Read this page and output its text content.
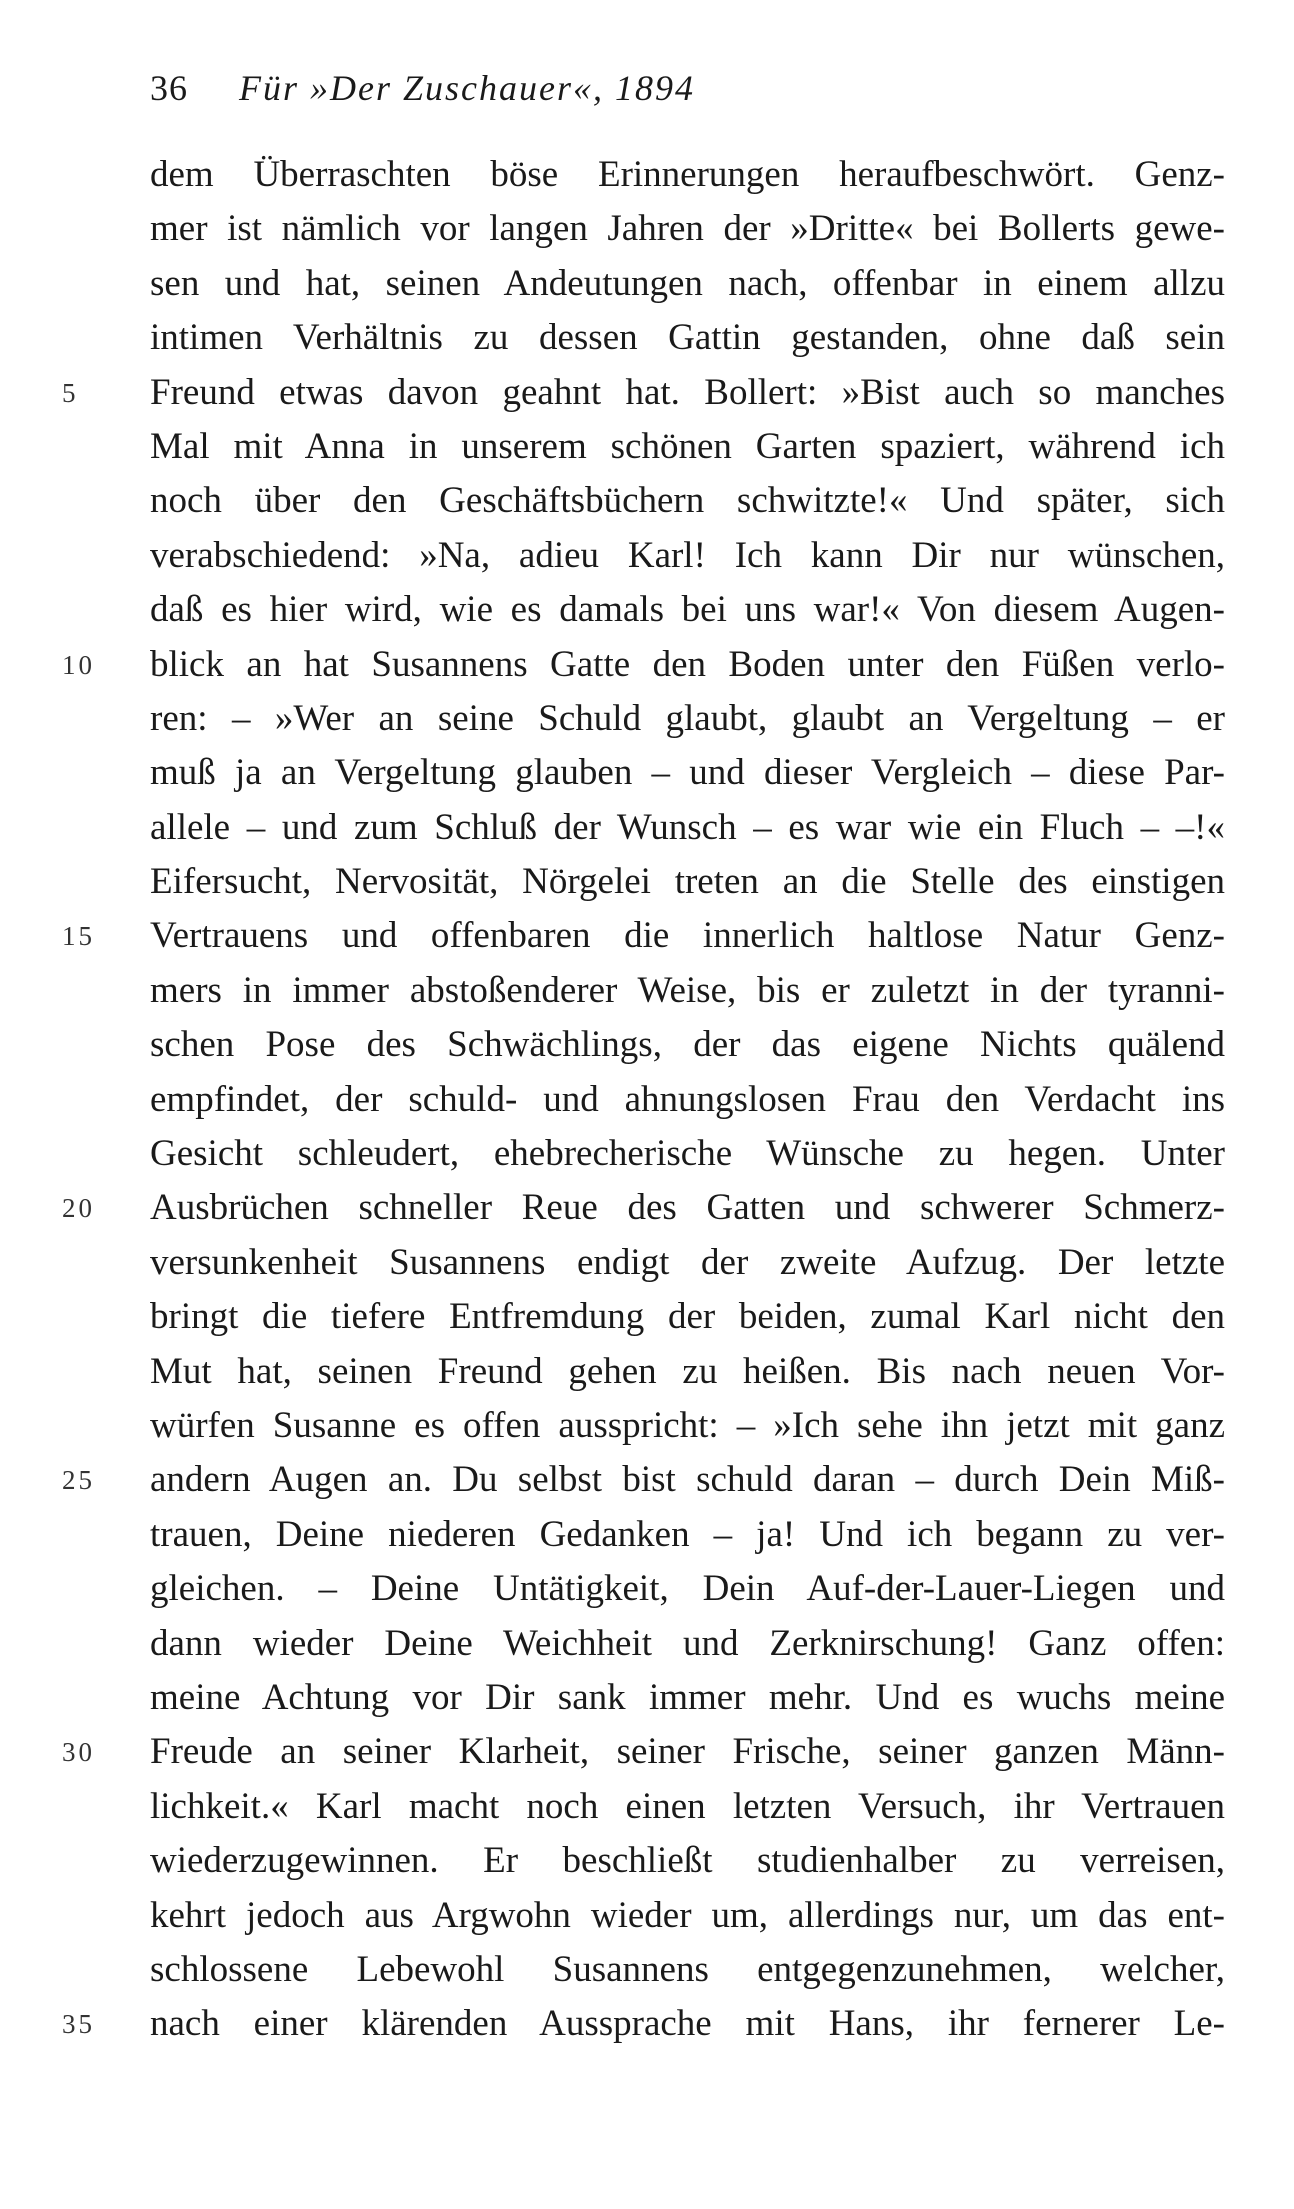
36 Für »Der Zuschauer«, 1894
dem Überraschten böse Erinnerungen heraufbeschwört. Genz-
mer ist nämlich vor langen Jahren der »Dritte« bei Bollerts gewe-
sen und hat, seinen Andeutungen nach, offenbar in einem allzu
intimen Verhältnis zu dessen Gattin gestanden, ohne daß sein
5	Freund etwas davon geahnt hat. Bollert: »Bist auch so manches
Mal mit Anna in unserem schönen Garten spaziert, während ich
noch über den Geschäftsbüchern schwitzte!« Und später, sich
verabschiedend: »Na, adieu Karl! Ich kann Dir nur wünschen,
daß es hier wird, wie es damals bei uns war!« Von diesem Augen-
10	blick an hat Susannens Gatte den Boden unter den Füßen verlo-
ren: – »Wer an seine Schuld glaubt, glaubt an Vergeltung – er
muß ja an Vergeltung glauben – und dieser Vergleich – diese Par-
allele – und zum Schluß der Wunsch – es war wie ein Fluch – –!«
Eifersucht, Nervosität, Nörgelei treten an die Stelle des einstigen
15	Vertrauens und offenbaren die innerlich haltlose Natur Genz-
mers in immer abstoßenderer Weise, bis er zuletzt in der tyranni-
schen Pose des Schwächlings, der das eigene Nichts quälend
empfindet, der schuld- und ahnungslosen Frau den Verdacht ins
Gesicht schleudert, ehebrecherische Wünsche zu hegen. Unter
20	Ausbrüchen schneller Reue des Gatten und schwerer Schmerz-
versunkenheit Susannens endigt der zweite Aufzug. Der letzte
bringt die tiefere Entfremdung der beiden, zumal Karl nicht den
Mut hat, seinen Freund gehen zu heißen. Bis nach neuen Vor-
würfen Susanne es offen ausspricht: – »Ich sehe ihn jetzt mit ganz
25	andern Augen an. Du selbst bist schuld daran – durch Dein Miß-
trauen, Deine niederen Gedanken – ja! Und ich begann zu ver-
gleichen. – Deine Untätigkeit, Dein Auf-der-Lauer-Liegen und
dann wieder Deine Weichheit und Zerknirschung! Ganz offen:
meine Achtung vor Dir sank immer mehr. Und es wuchs meine
30	Freude an seiner Klarheit, seiner Frische, seiner ganzen Männ-
lichkeit.« Karl macht noch einen letzten Versuch, ihr Vertrauen
wiederzugewinnen. Er beschließt studienhalber zu verreisen,
kehrt jedoch aus Argwohn wieder um, allerdings nur, um das ent-
schlossene Lebewohl Susannens entgegenzunehmen, welcher,
35	nach einer klärenden Aussprache mit Hans, ihr fernerer Le-
